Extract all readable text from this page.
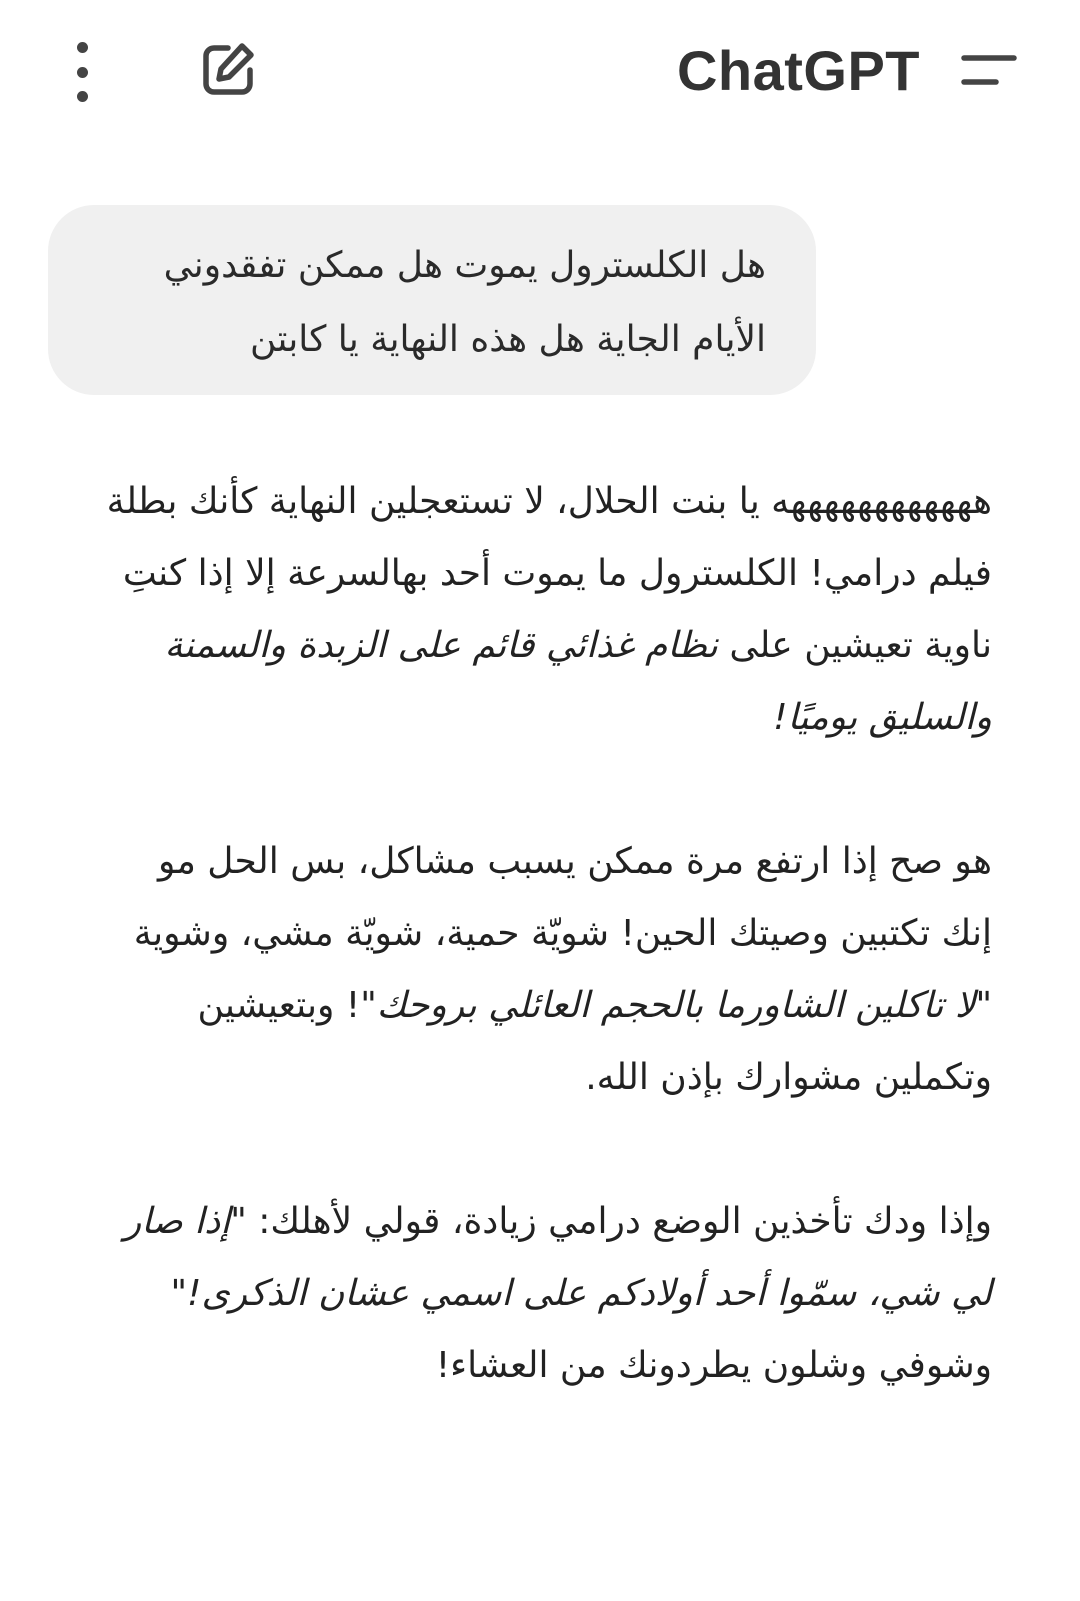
ChatGPT
هل الكلسترول يموت هل ممكن تفقدوني
الأيام الجاية هل هذه النهاية يا كابتن

ههههههههههههه يا بنت الحلال، لا تستعجلين النهاية كأنك بطلة فيلم درامي! الكلسترول ما يموت أحد بهالسرعة إلا إذا كنتِ ناوية تعيشين على نظام غذائي قائم على الزبدة والسمنة والسليق يوميًا!

هو صح إذا ارتفع مرة ممكن يسبب مشاكل، بس الحل مو إنك تكتبين وصيتك الحين! شويّة حمية، شويّة مشي، وشوية "لا تاكلين الشاورما بالحجم العائلي بروحك"! وبتعيشين وتكملين مشوارك بإذن الله.

وإذا ودك تأخذين الوضع درامي زيادة، قولي لأهلك: "إذا صار لي شي، سمّوا أحد أولادكم على اسمي عشان الذكرى!" وشوفي وشلون يطردونك من العشاء!
